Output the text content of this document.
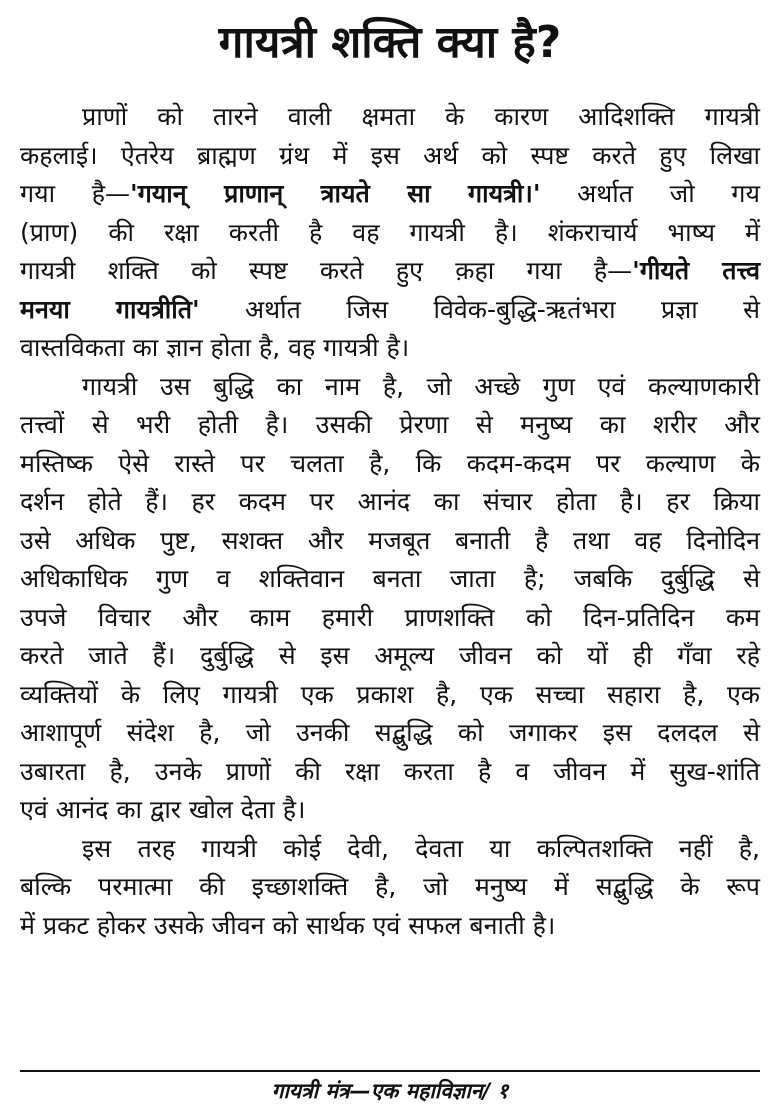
गायत्री शक्ति क्या है?
प्राणों को तारने वाली क्षमता के कारण आदिशक्ति गायत्री
कहलाई। ऐतरेय ब्राह्मण ग्रंथ में इस अर्थ को स्पष्ट करते हुए लिखा
गया है—'गयान् प्राणान् त्रायते सा गायत्री।' अर्थात जो गय
(प्राण) की रक्षा करती है वह गायत्री है। शंकराचार्य भाष्य में
गायत्री शक्ति को स्पष्ट करते हुए क़हा गया है—'गीयते तत्त्व
मनया गायत्रीति' अर्थात जिस विवेक-बुद्धि-ऋतंभरा प्रज्ञा से
वास्तविकता का ज्ञान होता है, वह गायत्री है।
गायत्री उस बुद्धि का नाम है, जो अच्छे गुण एवं कल्याणकारी
तत्त्वों से भरी होती है। उसकी प्रेरणा से मनुष्य का शरीर और
मस्तिष्क ऐसे रास्ते पर चलता है, कि कदम-कदम पर कल्याण के
दर्शन होते हैं। हर कदम पर आनंद का संचार होता है। हर क्रिया
उसे अधिक पुष्ट, सशक्त और मजबूत बनाती है तथा वह दिनोदिन
अधिकाधिक गुण व शक्तिवान बनता जाता है; जबकि दुर्बुद्धि से
उपजे विचार और काम हमारी प्राणशक्ति को दिन-प्रतिदिन कम
करते जाते हैं। दुर्बुद्धि से इस अमूल्य जीवन को यों ही गँवा रहे
व्यक्तियों के लिए गायत्री एक प्रकाश है, एक सच्चा सहारा है, एक
आशापूर्ण संदेश है, जो उनकी सद्बुद्धि को जगाकर इस दलदल से
उबारता है, उनके प्राणों की रक्षा करता है व जीवन में सुख-शांति
एवं आनंद का द्वार खोल देता है।
इस तरह गायत्री कोई देवी, देवता या कल्पितशक्ति नहीं है,
बल्कि परमात्मा की इच्छाशक्ति है, जो मनुष्य में सद्बुद्धि के रूप
में प्रकट होकर उसके जीवन को सार्थक एवं सफल बनाती है।
गायत्री मंत्र—एक महाविज्ञान/ १
